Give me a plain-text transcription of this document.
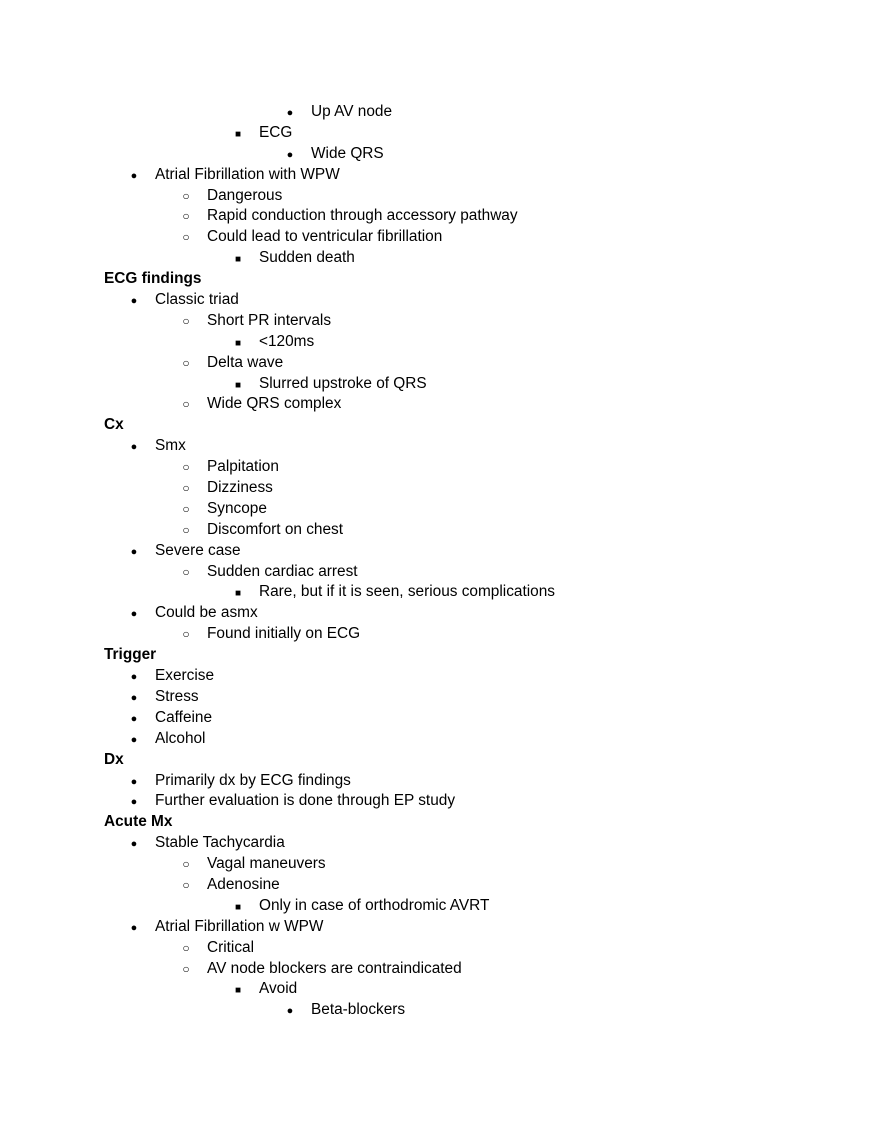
●
Up AV node
■
ECG
●
Wide QRS
●
Atrial Fibrillation with WPW
○
Dangerous
○
Rapid conduction through accessory pathway
○
Could lead to ventricular fibrillation
■
Sudden death
ECG findings
●
Classic triad
○
Short PR intervals
■
<120ms
○
Delta wave
■
Slurred upstroke of QRS
○
Wide QRS complex
Cx
●
Smx
○
Palpitation
○
Dizziness
○
Syncope
○
Discomfort on chest
●
Severe case
○
Sudden cardiac arrest
■
Rare, but if it is seen, serious complications
●
Could be asmx
○
Found initially on ECG
Trigger
●
Exercise
●
Stress
●
Caffeine
●
Alcohol
Dx
●
Primarily dx by ECG findings
●
Further evaluation is done through EP study
Acute Mx
●
Stable Tachycardia
○
Vagal maneuvers
○
Adenosine
■
Only in case of orthodromic AVRT
●
Atrial Fibrillation w WPW
○
Critical
○
AV node blockers are contraindicated
■
Avoid
●
Beta-blockers
